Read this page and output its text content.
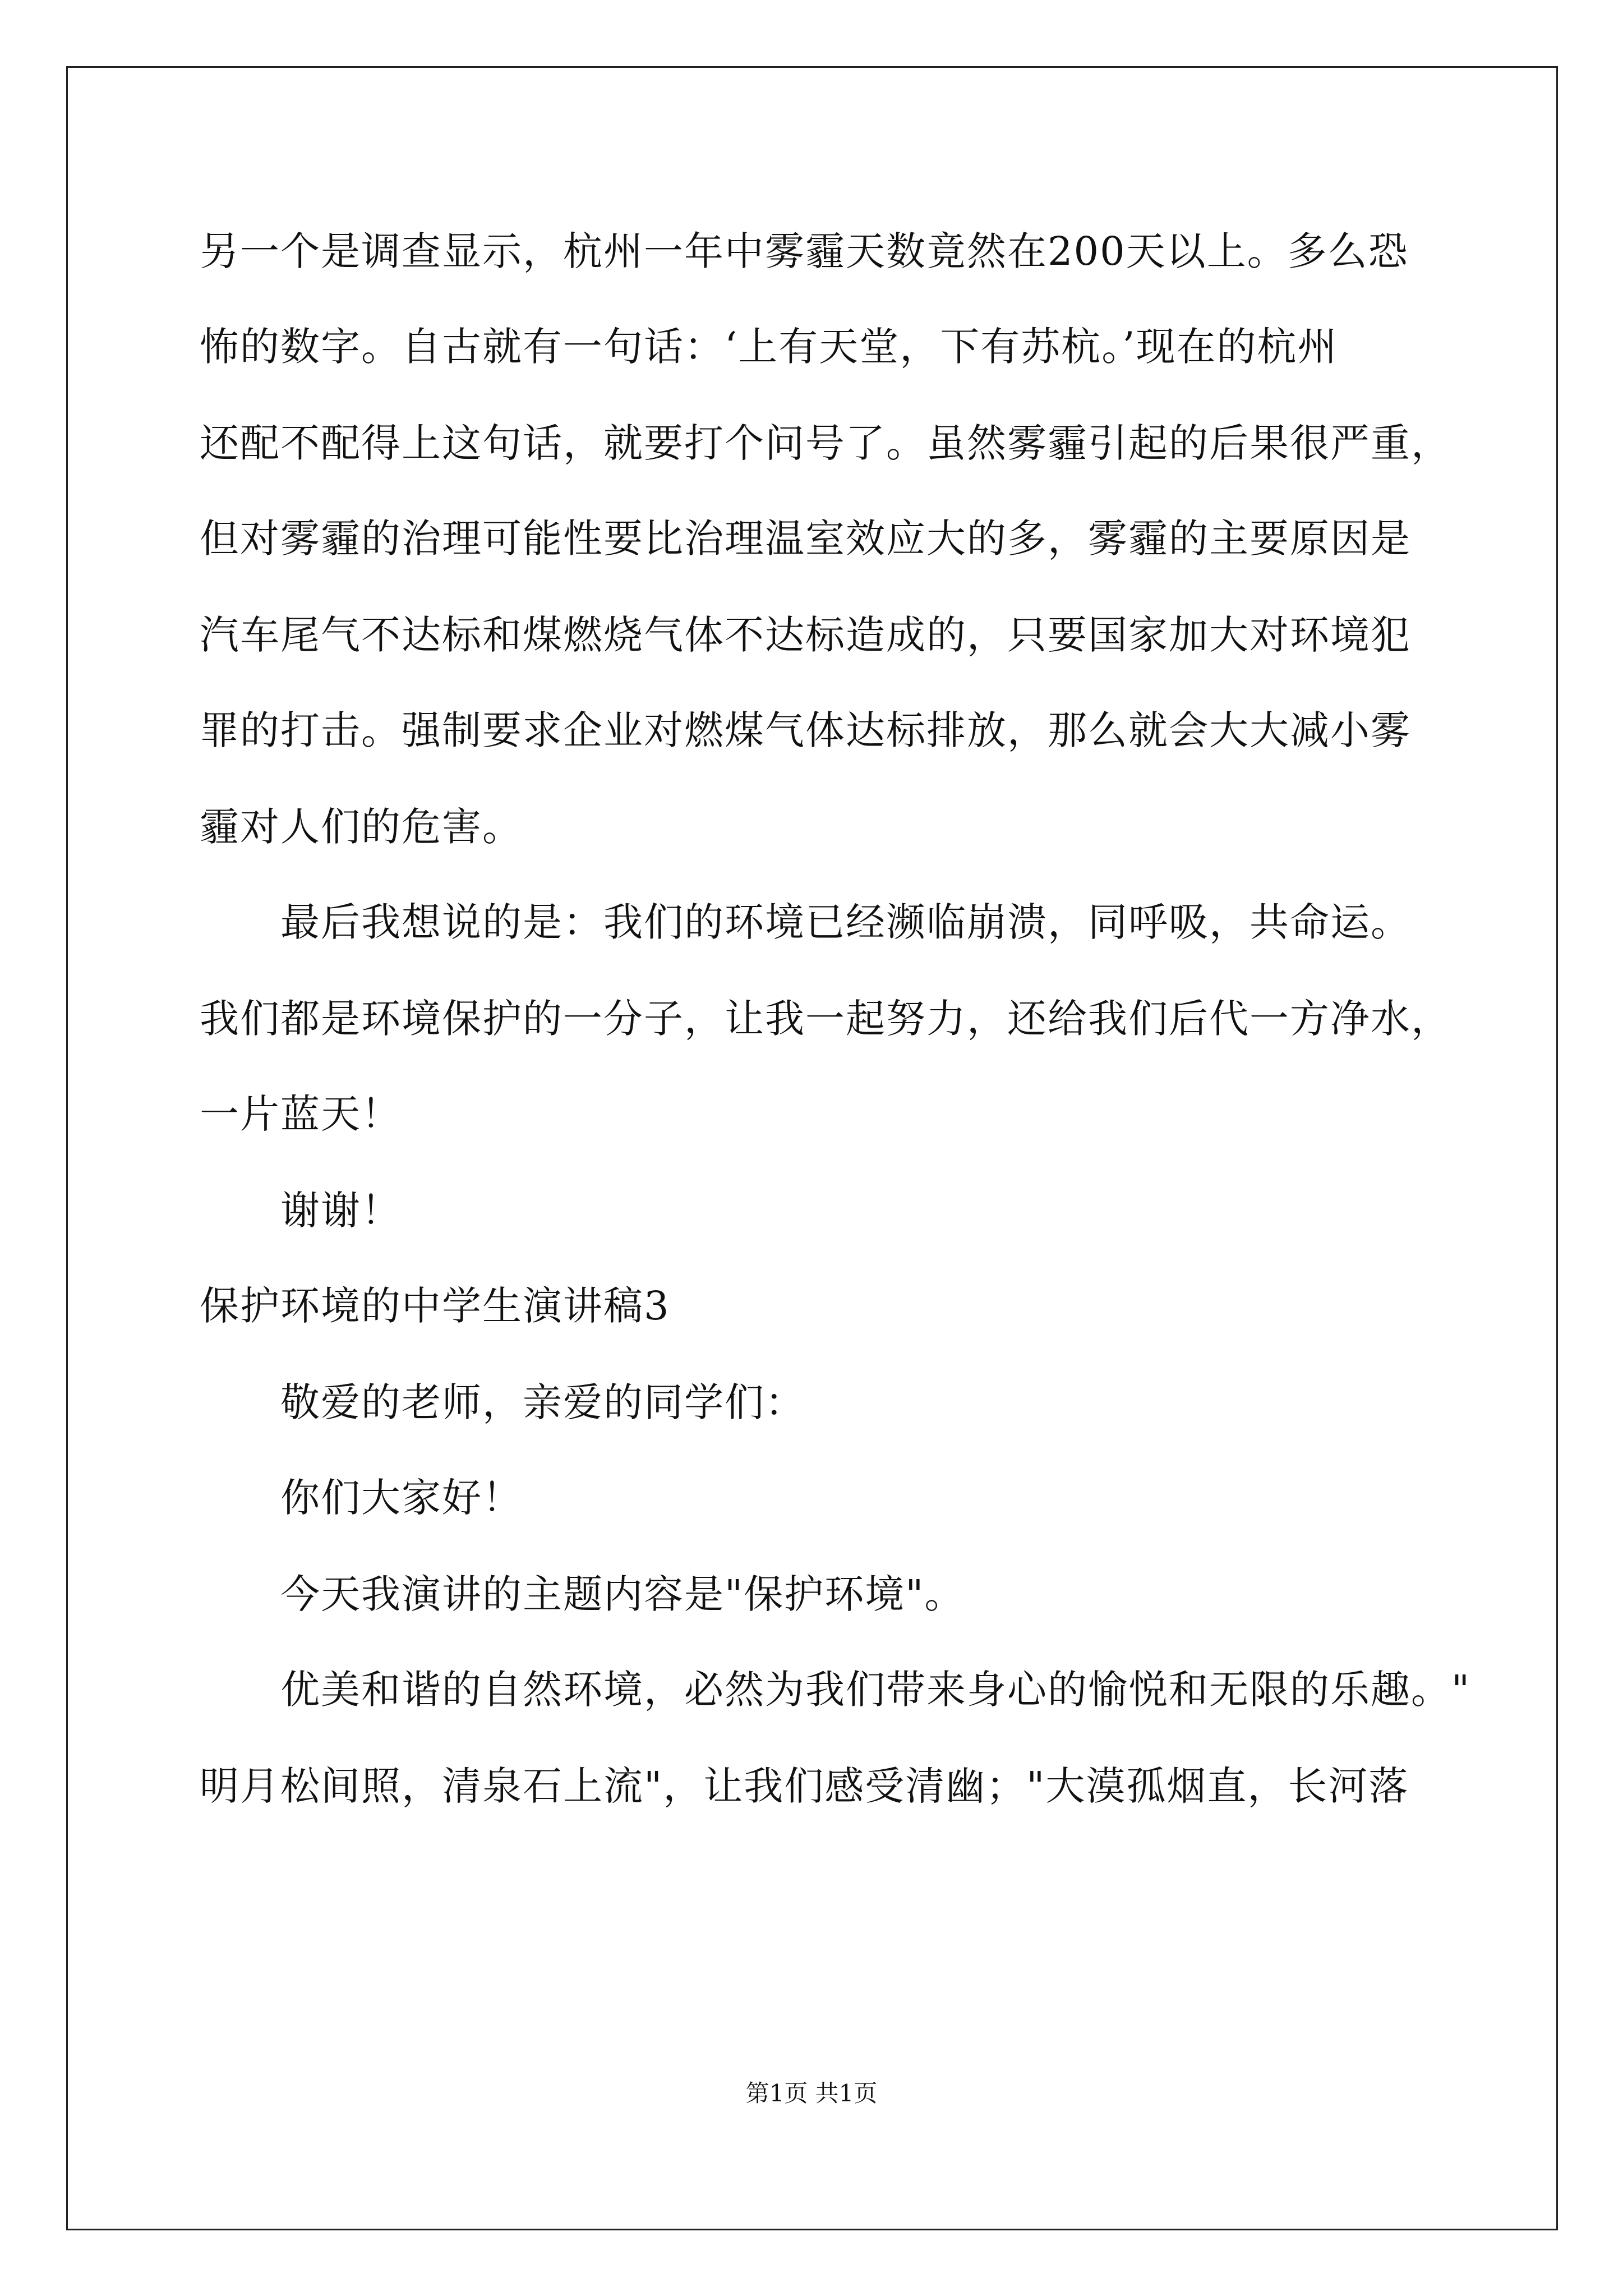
另一个是调查显示，杭州一年中雾霾天数竟然在200天以上。多么恐
怖的数字。自古就有一句话：‘上有天堂，下有苏杭。’现在的杭州
还配不配得上这句话，就要打个问号了。虽然雾霾引起的后果很严重，
但对雾霾的治理可能性要比治理温室效应大的多，雾霾的主要原因是
汽车尾气不达标和煤燃烧气体不达标造成的，只要国家加大对环境犯
罪的打击。强制要求企业对燃煤气体达标排放，那么就会大大减小雾
霾对人们的危害。
最后我想说的是：我们的环境已经濒临崩溃，同呼吸，共命运。
我们都是环境保护的一分子，让我一起努力，还给我们后代一方净水，
一片蓝天！
谢谢！
保护环境的中学生演讲稿3
敬爱的老师，亲爱的同学们：
你们大家好！
今天我演讲的主题内容是"保护环境"。
优美和谐的自然环境，必然为我们带来身心的愉悦和无限的乐趣。"
明月松间照，清泉石上流"，让我们感受清幽；"大漠孤烟直，长河落
第1页 共1页
